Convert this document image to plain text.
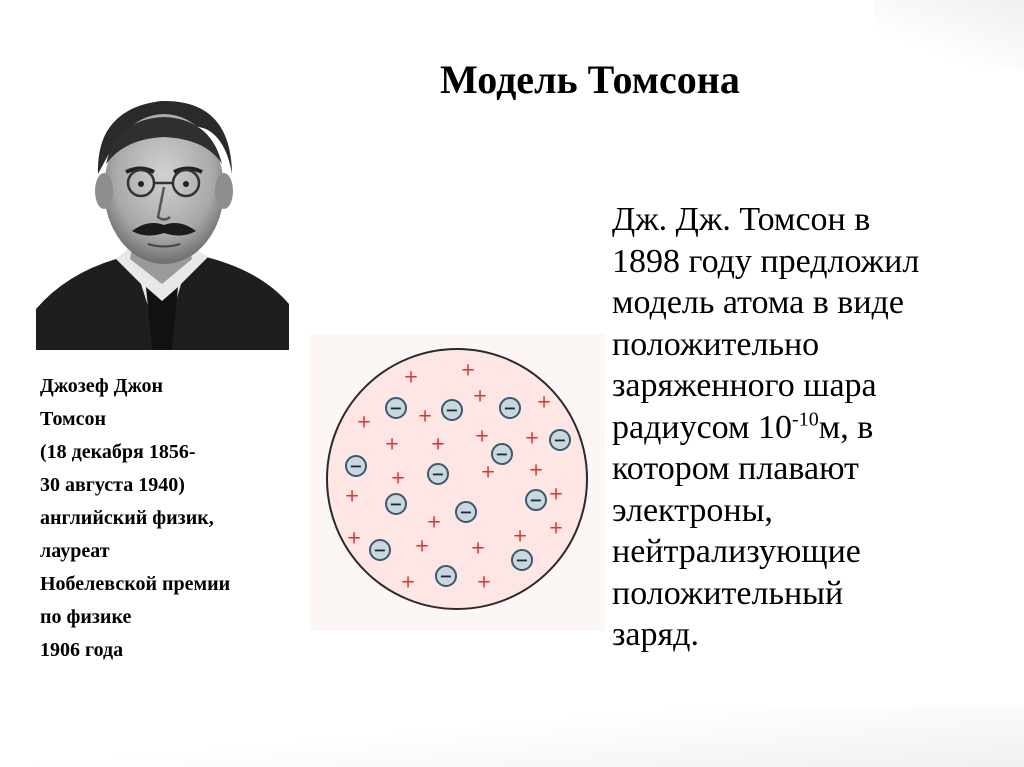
Модель Томсона
Джозеф Джон
Томсон
(18 декабря 1856-
30 августа 1940)
английский физик,
лауреат
Нобелевской премии
по физике
1906 года
+ +
+	+
+	+
+ + + +
+	+ +
+	+
+
+	+ +
+ +
+	+
−	−	−
−
−
−
−
−	−
−
−
−
−
Дж. Дж. Томсон в
1898 году предложил
модель атома в виде
положительно
заряженного шара
радиусом $10^{-10}м$, в
котором плавают
электроны,
нейтрализующие
положительный
заряд.
